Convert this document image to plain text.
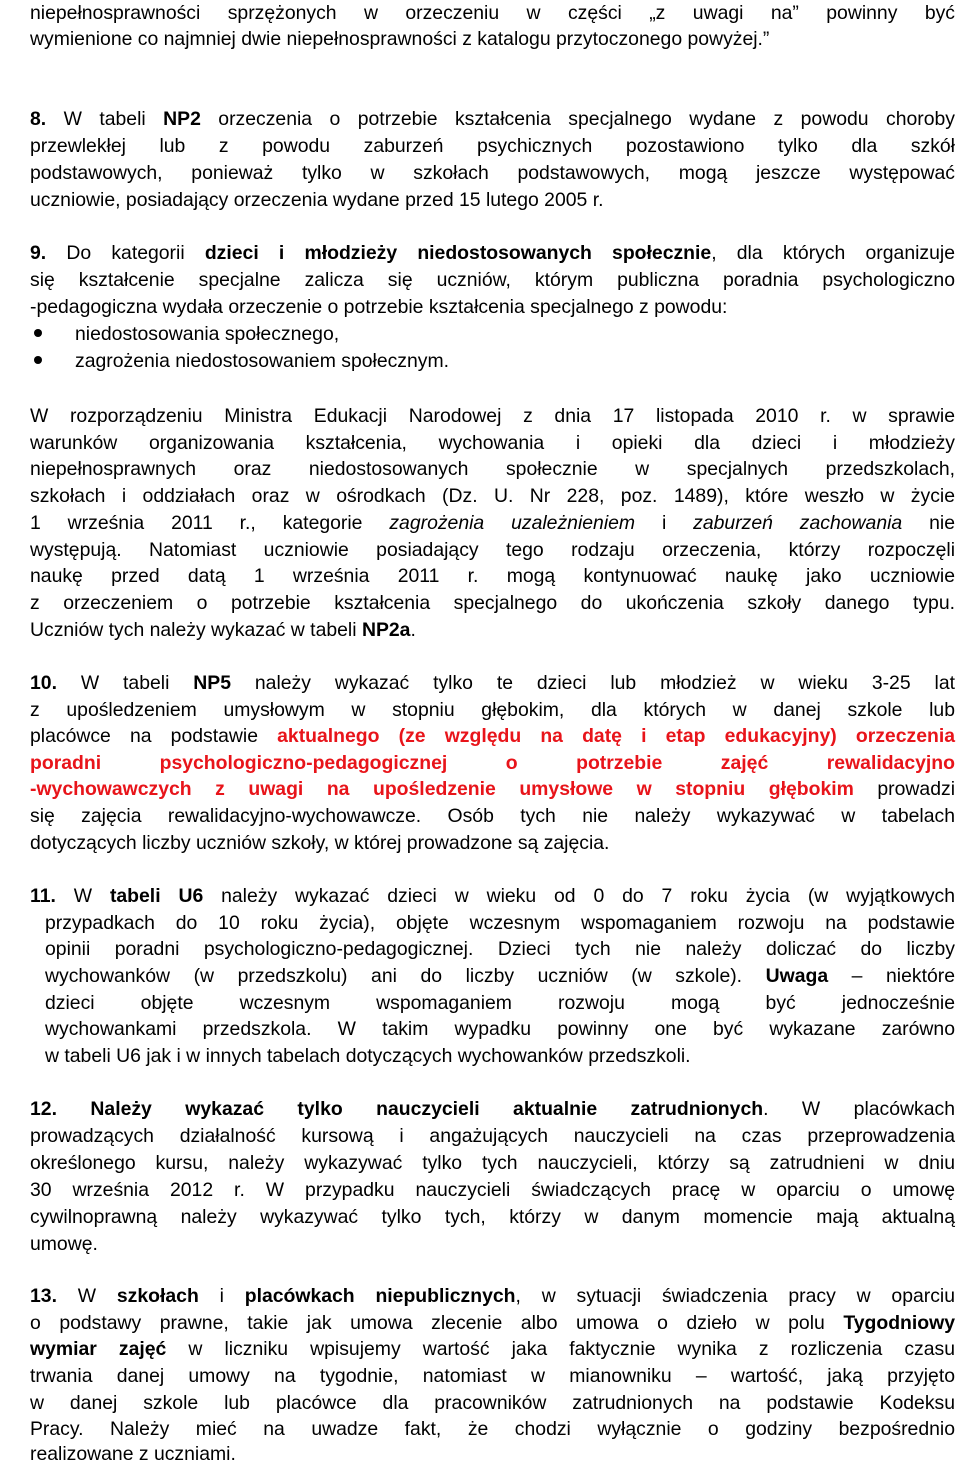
niepełnosprawności sprzężonych w orzeczeniu w części „z uwagi na” powinny być
wymienione co najmniej dwie niepełnosprawności z katalogu przytoczonego powyżej.”
8. W tabeli NP2 orzeczenia o potrzebie kształcenia specjalnego wydane z powodu choroby
przewlekłej lub z powodu zaburzeń psychicznych pozostawiono tylko dla szkół
podstawowych, ponieważ tylko w szkołach podstawowych, mogą jeszcze występować
uczniowie, posiadający orzeczenia wydane przed 15 lutego 2005 r.
9. Do kategorii dzieci i młodzieży niedostosowanych społecznie, dla których organizuje
się kształcenie specjalne zalicza się uczniów, którym publiczna poradnia psychologiczno
-pedagogiczna wydała orzeczenie o potrzebie kształcenia specjalnego z powodu:
niedostosowania społecznego,
zagrożenia niedostosowaniem społecznym.
W rozporządzeniu Ministra Edukacji Narodowej z dnia 17 listopada 2010 r. w sprawie
warunków organizowania kształcenia, wychowania i opieki dla dzieci i młodzieży
niepełnosprawnych oraz niedostosowanych społecznie w specjalnych przedszkolach,
szkołach i oddziałach oraz w ośrodkach (Dz. U. Nr 228, poz. 1489), które weszło w życie
1 września 2011 r., kategorie zagrożenia uzależnieniem i zaburzeń zachowania nie
występują. Natomiast uczniowie posiadający tego rodzaju orzeczenia, którzy rozpoczęli
naukę przed datą 1 września 2011 r. mogą kontynuować naukę jako uczniowie
z orzeczeniem o potrzebie kształcenia specjalnego do ukończenia szkoły danego typu.
Uczniów tych należy wykazać w tabeli NP2a.
10. W tabeli NP5 należy wykazać tylko te dzieci lub młodzież w wieku 3-25 lat
z upośledzeniem umysłowym w stopniu głębokim, dla których w danej szkole lub
placówce na podstawie aktualnego (ze względu na datę i etap edukacyjny) orzeczenia
poradni psychologiczno-pedagogicznej o potrzebie zajęć rewalidacyjno
-wychowawczych z uwagi na upośledzenie umysłowe w stopniu głębokim prowadzi
się zajęcia rewalidacyjno-wychowawcze. Osób tych nie należy wykazywać w tabelach
dotyczących liczby uczniów szkoły, w której prowadzone są zajęcia.
11. W tabeli U6 należy wykazać dzieci w wieku od 0 do 7 roku życia (w wyjątkowych
przypadkach do 10 roku życia), objęte wczesnym wspomaganiem rozwoju na podstawie
opinii poradni psychologiczno-pedagogicznej. Dzieci tych nie należy doliczać do liczby
wychowanków (w przedszkolu) ani do liczby uczniów (w szkole). Uwaga – niektóre
dzieci objęte wczesnym wspomaganiem rozwoju mogą być jednocześnie
wychowankami przedszkola. W takim wypadku powinny one być wykazane zarówno
w tabeli U6 jak i w innych tabelach dotyczących wychowanków przedszkoli.
12. Należy wykazać tylko nauczycieli aktualnie zatrudnionych. W placówkach
prowadzących działalność kursową i angażujących nauczycieli na czas przeprowadzenia
określonego kursu, należy wykazywać tylko tych nauczycieli, którzy są zatrudnieni w dniu
30 września 2012 r. W przypadku nauczycieli świadczących pracę w oparciu o umowę
cywilnoprawną należy wykazywać tylko tych, którzy w danym momencie mają aktualną
umowę.
13. W szkołach i placówkach niepublicznych, w sytuacji świadczenia pracy w oparciu
o podstawy prawne, takie jak umowa zlecenie albo umowa o dzieło w polu Tygodniowy
wymiar zajęć w liczniku wpisujemy wartość jaka faktycznie wynika z rozliczenia czasu
trwania danej umowy na tygodnie, natomiast w mianowniku – wartość, jaką przyjęto
w danej szkole lub placówce dla pracowników zatrudnionych na podstawie Kodeksu
Pracy. Należy mieć na uwadze fakt, że chodzi wyłącznie o godziny bezpośrednio
realizowane z uczniami.
